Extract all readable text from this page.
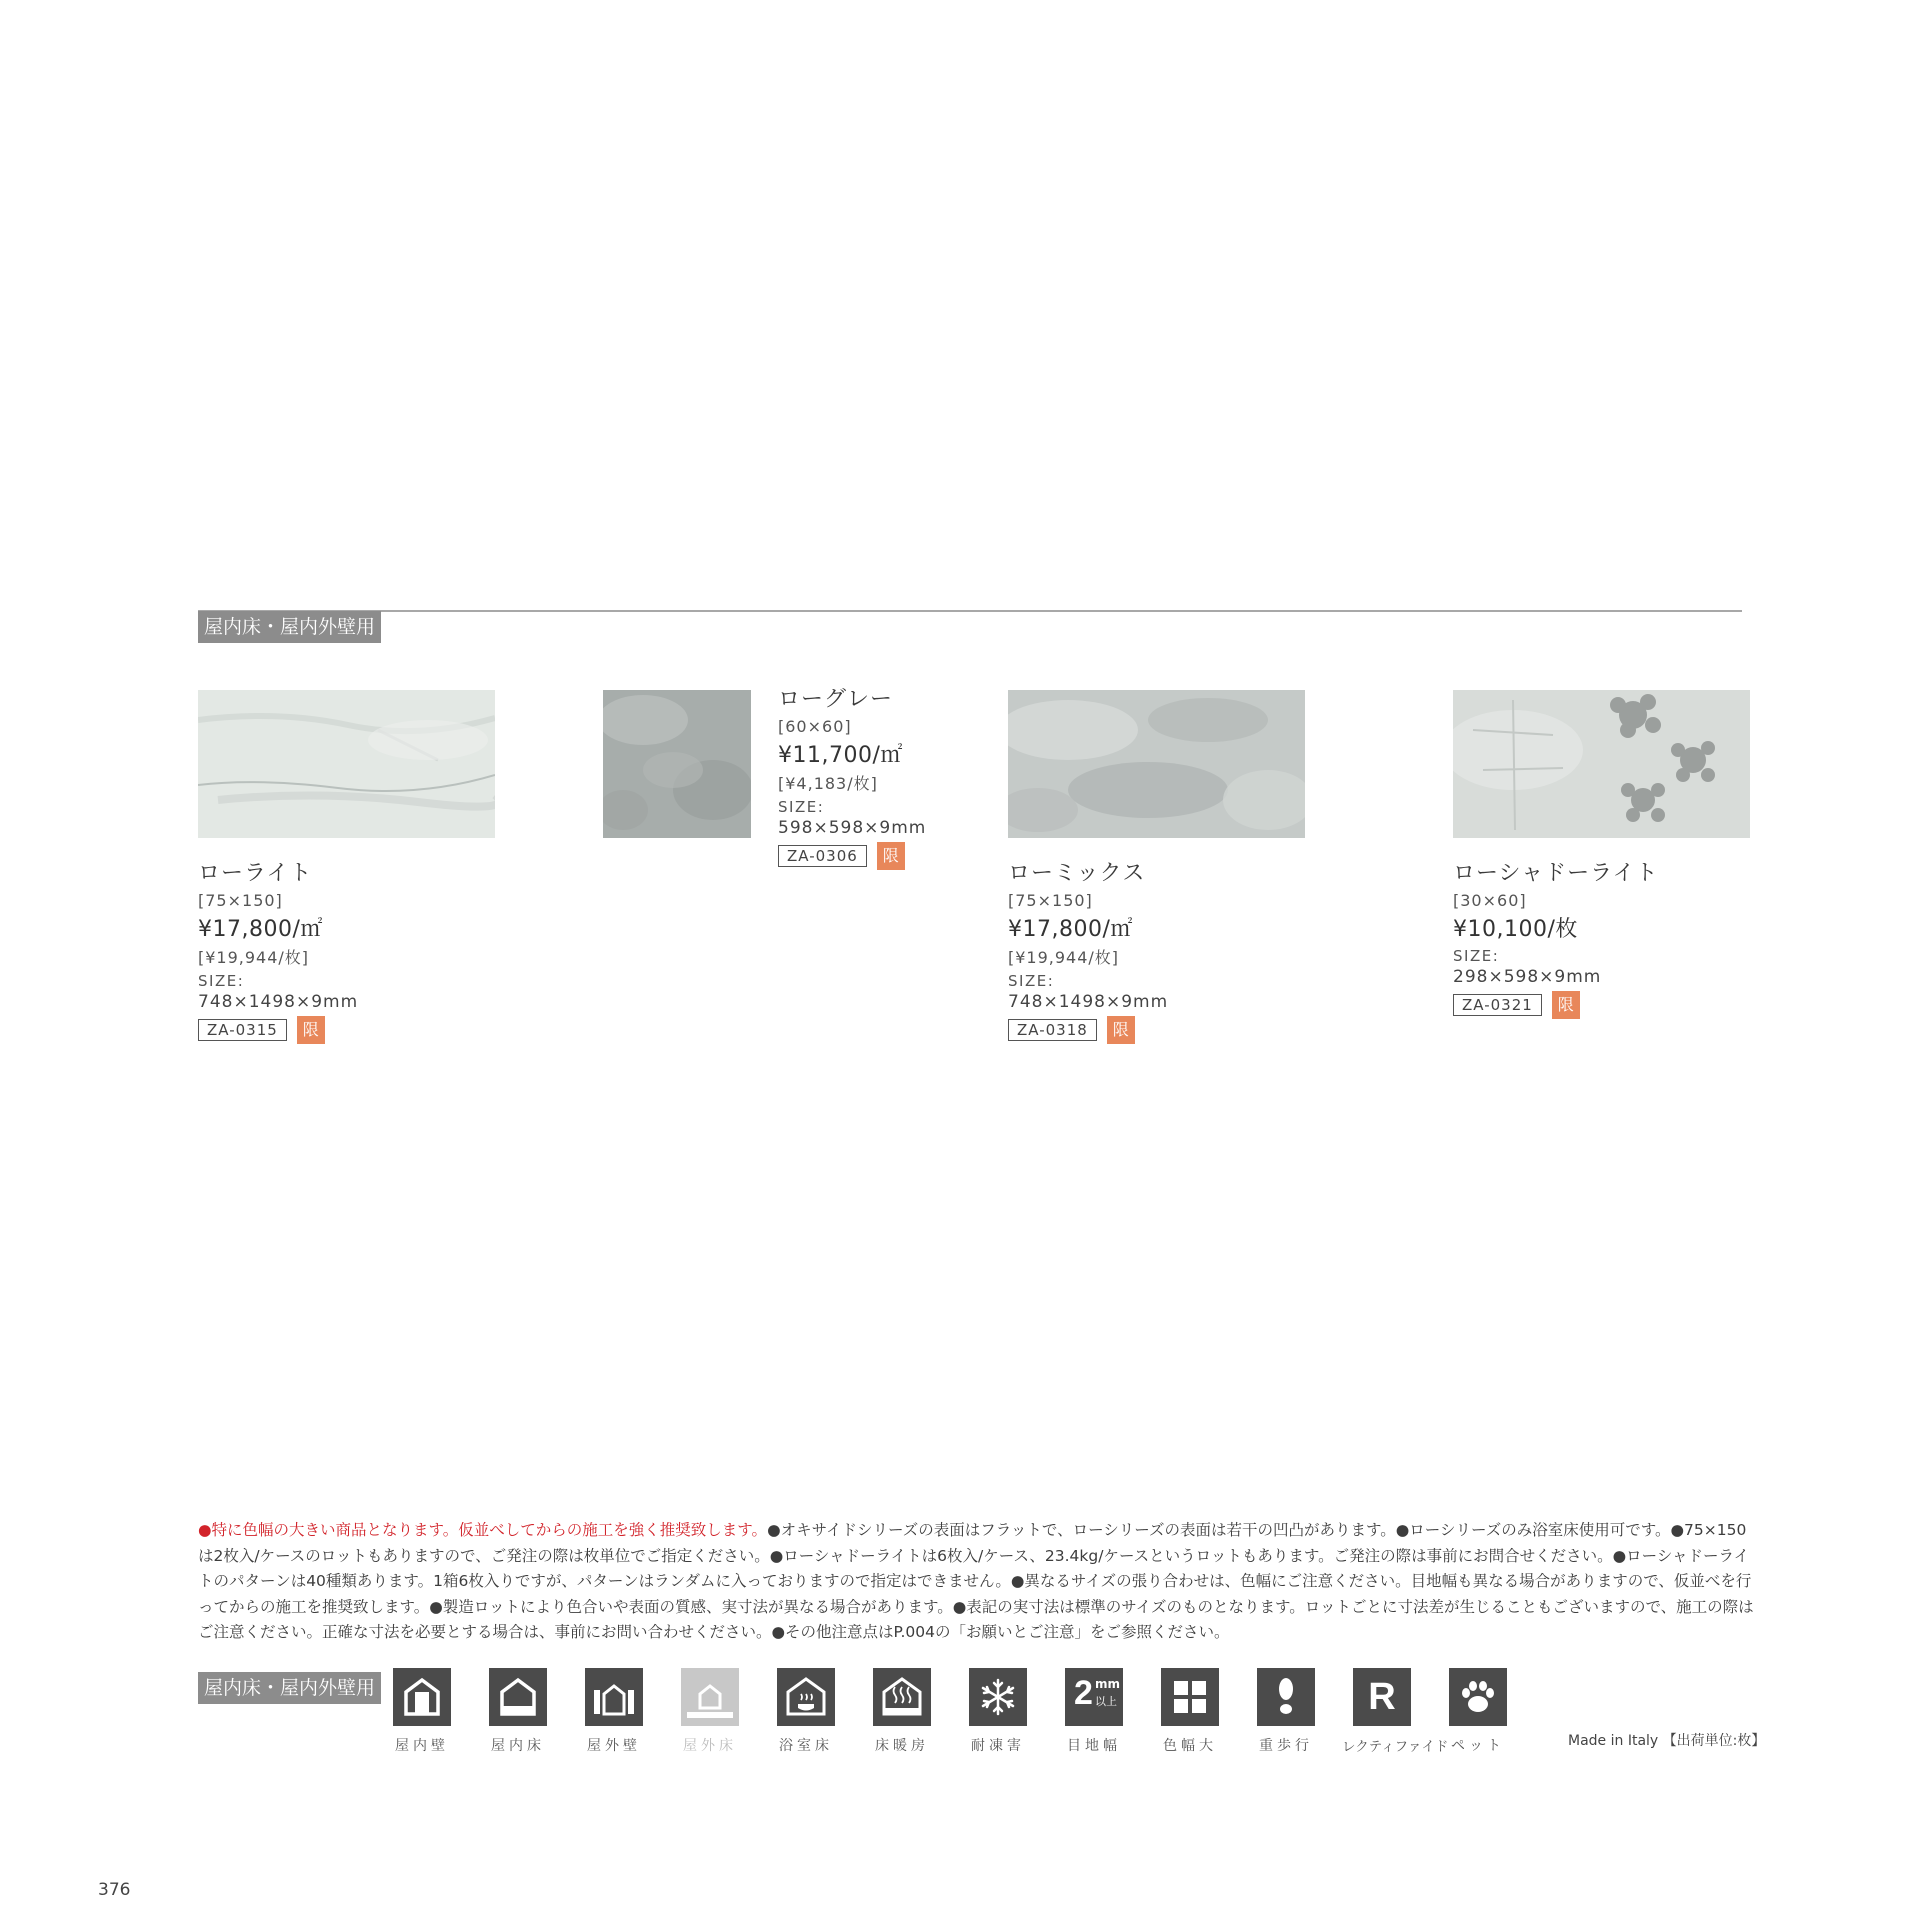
屋内床・屋内外壁用
ローライト
[75×150]
¥17,800/㎡
[¥19,944/枚]
SIZE:
748×1498×9mm
ZA-0315 限
ローグレー
[60×60]
¥11,700/㎡
[¥4,183/枚]
SIZE:
598×598×9mm
ZA-0306 限
ローミックス
[75×150]
¥17,800/㎡
[¥19,944/枚]
SIZE:
748×1498×9mm
ZA-0318 限
ローシャドーライト
[30×60]
¥10,100/枚
SIZE:
298×598×9mm
ZA-0321 限
●特に色幅の大きい商品となります。仮並べしてからの施工を強く推奨致します。●オキサイドシリーズの表面はフラットで、ローシリーズの表面は若干の凹凸があります。●ローシリーズのみ浴室床使用可です。●75×150は2枚入/ケースのロットもありますので、ご発注の際は枚単位でご指定ください。●ローシャドーライトは6枚入/ケース、23.4kg/ケースというロットもあります。ご発注の際は事前にお問合せください。●ローシャドーライトのパターンは40種類あります。1箱6枚入りですが、パターンはランダムに入っておりますので指定はできません。●異なるサイズの張り合わせは、色幅にご注意ください。目地幅も異なる場合がありますので、仮並べを行ってからの施工を推奨致します。●製造ロットにより色合いや表面の質感、実寸法が異なる場合があります。●表記の実寸法は標準のサイズのものとなります。ロットごとに寸法差が生じることもございますので、施工の際はご注意ください。正確な寸法を必要とする場合は、事前にお問い合わせください。●その他注意点はP.004の「お願いとご注意」をご参照ください。
屋内床・屋内外壁用
屋内壁	屋内床	屋外壁	屋外床	浴室床	床暖房	耐凍害
2 mm
以上
目地幅	色幅大	重歩行
R
レクティファイド ペット	Made in Italy 【出荷単位:枚】
376
